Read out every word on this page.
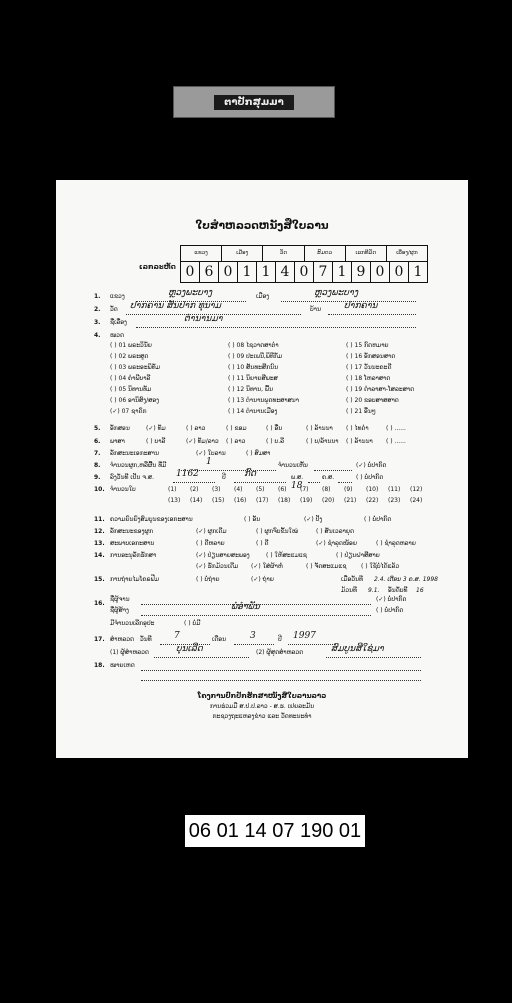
ຕາປັກສຸມມາ
ໃບສຳຫລວດຫນັງສືໃບລານ
ເລກລະຫັດ
ແຂວງ	ເມືອງ	ວັດ	ສົມດວ	ເລກທີມັດ	ເລື່ອງ/ຜູກ
0 6 0 1 1 4 0 7 1 9 0 0 1
1. ແຂວງ	ຫຼວງພະບາງ	ເມືອງ	ຫຼວງພະບາງ
2. ວັດ ປາກຄານ ສັນປາກ ທຸນາມ	ບ້ານ	ປາກຄານ
3. ຊື່ເລື່ອງ	ຕຳນານມາ
4. ໝວດ
( ) 01 ພຣະວິນັຍ
( ) 02 ພຣະສູດ
( ) 03 ພຣະອະພິທັມ
( ) 04 ຄຳພີບາລີ
( ) 05 ນິທານທັມ
( ) 06 ອານິສົງ/ສອງ
(✓) 07 ຊາດົກ
( ) 08 ໄຊວາດສາຕຳ
( ) 09 ປະເພນີ,ພິທີກັມ
( ) 10 ສັນທະສີກນົນ
( ) 11 ນິຍາຍສີພະສ
( ) 12 ນິທານ, ພື້ນ
( ) 13 ຕຳນານພຸດທະສາສນາ
( ) 14 ຕຳນານເມືອງ
( ) 15 ກົດຫມາຍ
( ) 16 ອັກສອນສາດ
( ) 17 ວັນນະຄະດີ
( ) 18 ໂຫລາສາດ
( ) 19 ດຳລາສາ-ໂສລະສາດ
( ) 20 ຂອບສາສສາດ
( ) 21 ອື່ນໆ
5. ອັກສອນ	(✓) ທັມ	( ) ລາວ	( ) ຂອມ	( ) ອື່ນ	( ) ລ້ານນາ ( ) ໄທດຳ	( ) ......
6. ພາສາ	( ) ບາລີ	(✓) ທັມ/ລາວ ( ) ລາວ	( ) ບ.ລີ	( ) ບ/ລ້ານນາ ( ) ລ້ານນາ ( ) ......
7. ລັກສະນະເອກະສານ	(✓) ໃບລານ	( ) ສົມສາ
8. ຈຳນວນຜູກ,ຫລືຜື້ນ ທີ່ມີ	1	ຈຳນວນເຫັ້ນ	(✓) ບໍ່ປາກົດ
9. ລົງວັນທີ ເປັນ ຈ.ສ. 1162	ປີ ກົດ	ພ.ສ.	ຄ.ສ.	( ) ບໍ່ປາກົດ
10. ຈຳນວນໃບ	(1) (2) (3) (4) (5) (6) (7) (8) (9) (10) (11) (12)
(13) (14) (15) (16) (17) (18) (19) (20) (21) (22) (23) (24)
18
11. ຄວາມຍົນຍົງສົມບູນຂອງເອກະສານ	( ) ອັນ	(✓) ປັງ	( ) ບໍ່ປາກົດ
12. ລັກສະນະຂອງຜູກ	(✓) ຜູກເດີມ	( ) ຜູກຈົບຂັ້ນໃໝ່	( ) ສັນເວລາຍຸດ
13. ສະພາບເອກະສານ	( ) ດີຫລາຍ	( ) ດີ	(✓) ຊຳລຸດໜ້ອຍ	( ) ຊຳລຸດຫລາຍ
14. ການອະນຸລັກຮັກສາ	(✓) ປ່ຽນສາຍສະພອງ	( ) ໃຫ້ສະແມແຊ	( ) ປ່ຽນຝາສີສາຍ
(✓) ຮັກມ້ວນເດີມ (✓) ໃສ່ຜ້າຫໍ່	( ) ຈັດສະແມແຊ ( ) ໃຊ້ບໍ່ໄດ້ແລ້ວ
15. ການຖ່າຍໄມໂຄຣຟີມ	( ) ບໍ່ຖ່າຍ	(✓) ຖ່າຍ	ເມື່ອວັນທີ 2.4. ເດືອນ 3 ຄ.ສ. 1998
ມ້ວນທີ 9.1. ອັນດັບທີ 16
16.
ຊື່ຜູ້ຈານ	(✓) ບໍ່ປາກົດ
ຊື່ຜູ້ສ້າງ	ພໍອຳພັນ	( ) ບໍ່ປາກົດ
ມີຈຳນວນເລີກອຸປະ	( ) ບໍ່ມີ
17. ສຳຫລວດ ວັນທີ 7	ເດືອນ	3	ປີ 1997
(1) ຜູ້ສຳຫລວດ	ບຸນເລີດ	(2) ຜູ້ສຸດສຳຫລວດ	ສົມບູນສີໃຊ່ມາ
18. ໝາຍເຫດ
ໂຄງການປົກປັກຮັກສາໜັງສືໃບລານລາວ
ການຮ່ວມມື ສ.ປ.ປ.ລາວ - ສ.ຮ. ເຢຍລະມັນ
ກະຊວງຖະແຫລງຂ່າວ ແລະ ວັດທະນະທຳ
06 01 14 07 190 01
